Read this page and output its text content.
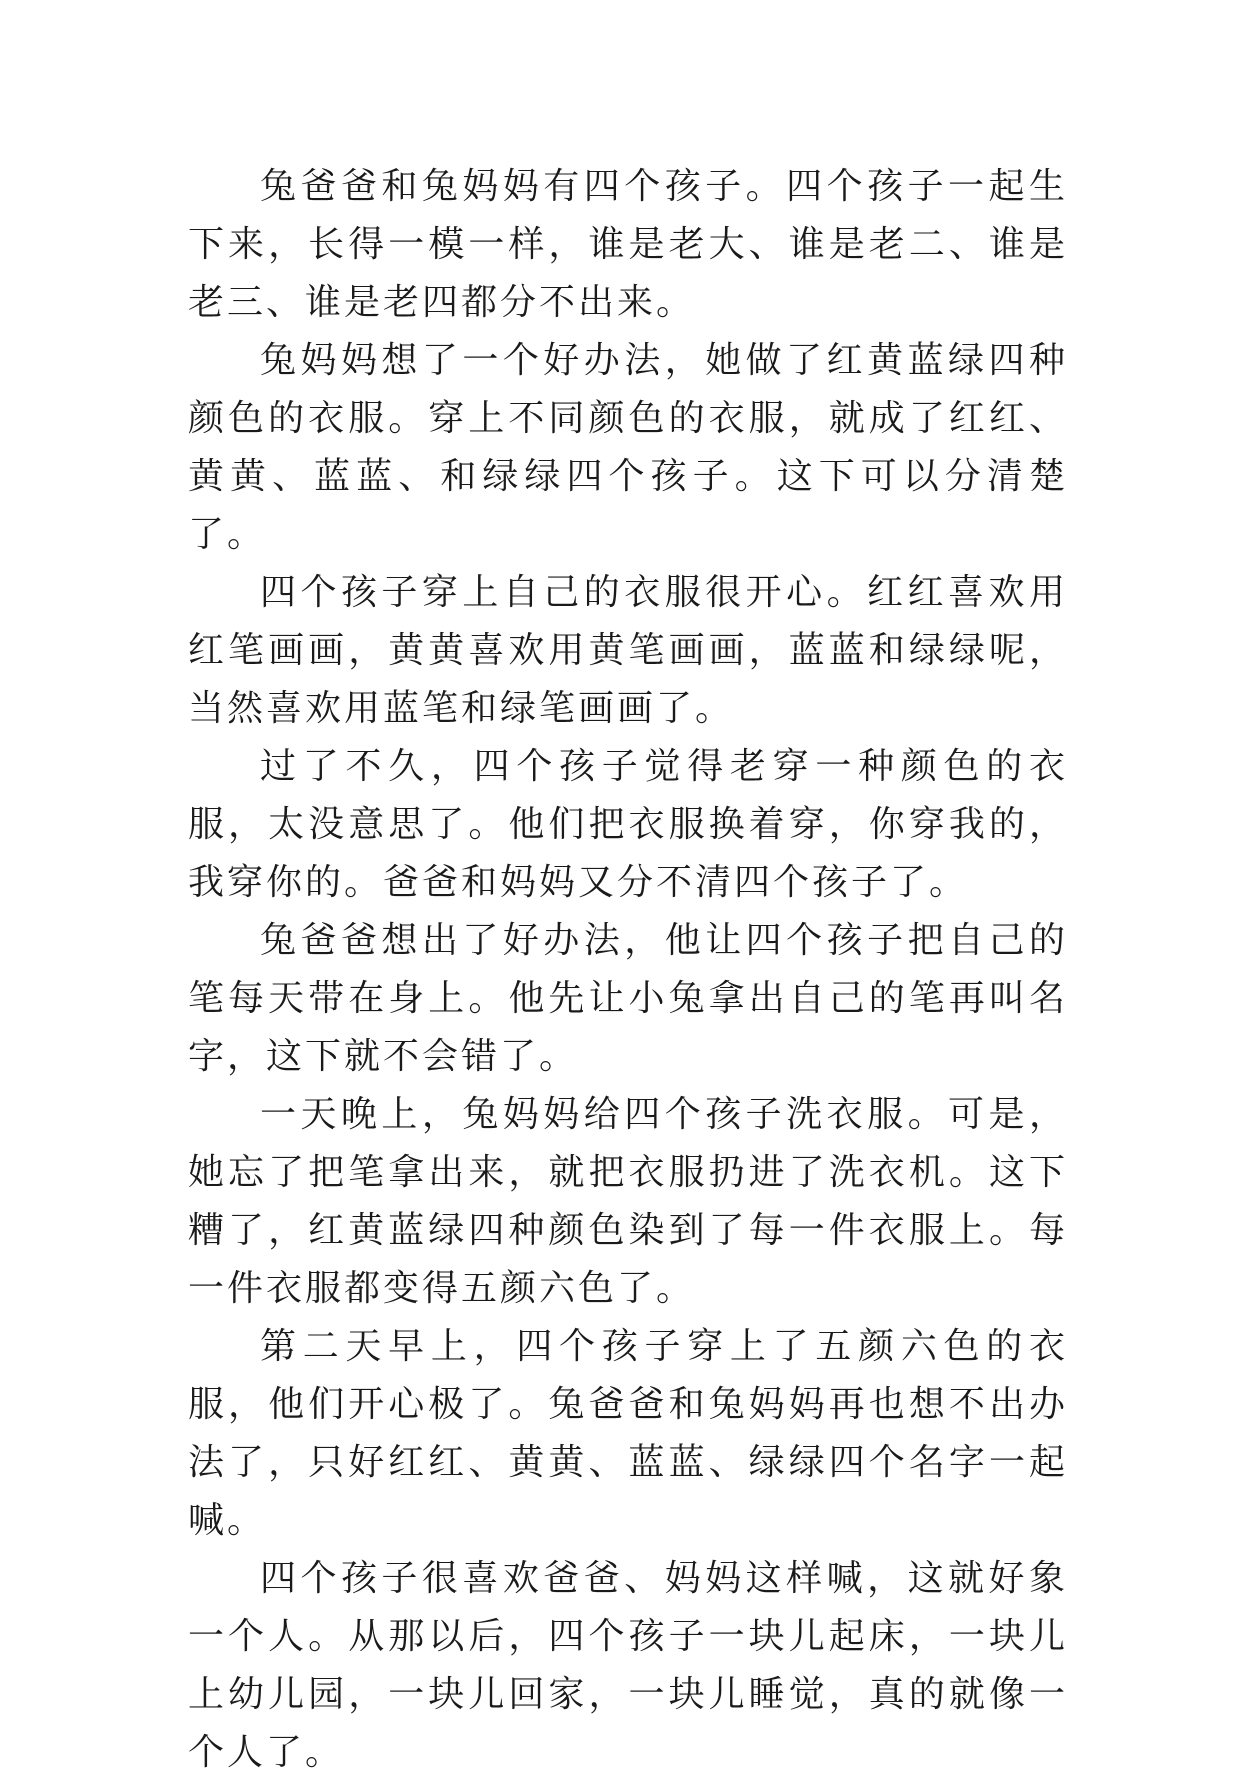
兔爸爸和兔妈妈有四个孩子。四个孩子一起生下来，长得一模一样，谁是老大、谁是老二、谁是老三、谁是老四都分不出来。

兔妈妈想了一个好办法，她做了红黄蓝绿四种颜色的衣服。穿上不同颜色的衣服，就成了红红、黄黄、蓝蓝、和绿绿四个孩子。这下可以分清楚了。

四个孩子穿上自己的衣服很开心。红红喜欢用红笔画画，黄黄喜欢用黄笔画画，蓝蓝和绿绿呢，当然喜欢用蓝笔和绿笔画画了。

过了不久，四个孩子觉得老穿一种颜色的衣服，太没意思了。他们把衣服换着穿，你穿我的，我穿你的。爸爸和妈妈又分不清四个孩子了。

兔爸爸想出了好办法，他让四个孩子把自己的笔每天带在身上。他先让小兔拿出自己的笔再叫名字，这下就不会错了。

一天晚上，兔妈妈给四个孩子洗衣服。可是，她忘了把笔拿出来，就把衣服扔进了洗衣机。这下糟了，红黄蓝绿四种颜色染到了每一件衣服上。每一件衣服都变得五颜六色了。

第二天早上，四个孩子穿上了五颜六色的衣服，他们开心极了。兔爸爸和兔妈妈再也想不出办法了，只好红红、黄黄、蓝蓝、绿绿四个名字一起喊。

四个孩子很喜欢爸爸、妈妈这样喊，这就好象一个人。从那以后，四个孩子一块儿起床，一块儿上幼儿园，一块儿回家，一块儿睡觉，真的就像一个人了。
